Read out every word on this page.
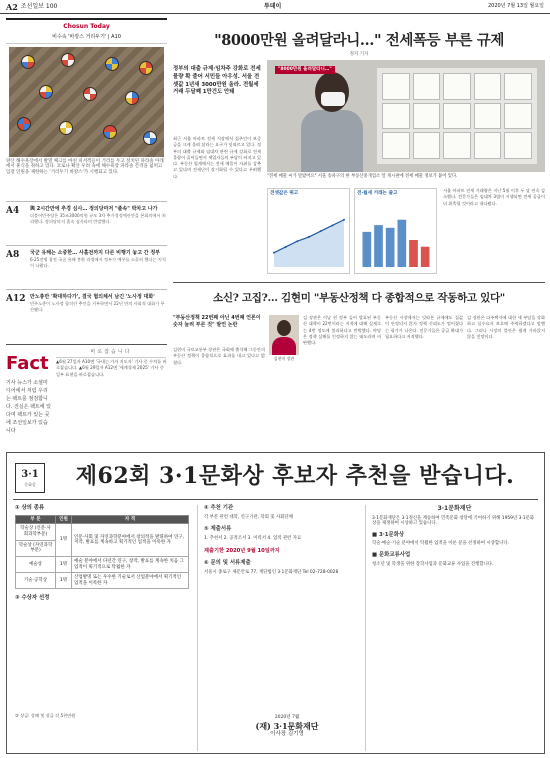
A2 조선일보 100	투데이	2020년 7월 13일 월요일
Chosun Today
비수속 '바캉스 거리두기' | A10
양산 해수욕장에서 발열 체크를 마친 피서객들이 거리를 두고 설치된 파라솔 아래에서 휴식을 취하고 있다. 코로나 확산 우려 속에 해수욕장 파라솔 간격을 넓히고 입장 인원을 제한하는 '거리두기 바캉스'가 시행되고 있다.
A4	與 2시간만에 추경 심사… 정의당마저 "졸속" 박차고 나가
더불어민주당은 35조3000억원 규모 3차 추가경정예산안을 본회의에서 처리했다. 정의당마저 졸속 심사라며 반발했다.
A8	국군 유해는 소중한… 사흘전까지 다른 비행기 놓고 간 정부
6·25전쟁 참전 국군 유해 봉환 과정에서 정부가 예우를 소홀히 했다는 지적이 나왔다.
A12 만노총만 '확대하다가', 결국 협의체서 남긴 '노사정 대화'
민주노총이 노사정 합의안 추인을 거부하면서 22년 만의 사회적 대화가 무산됐다.
Fact
바로잡습니다
기사 뉴스가 소셜미디어에서 처럼 우리는 팩트를 점검합니다. 진실은 팩트에 있다며 팩트가 있는 곳에 조선일보가 있습니다
▲6월 27일자 A10면 '국내는 가자 지도자' 기사 중 수치를 바로잡습니다. ▲6월 29일자 A12면 '세계경제 2025' 기사 중 일부 표현을 바로잡습니다.
"8000만원 올려달라니…" 전세폭등 부른 규제
정지 기자
정부의 대출 규제·임차주 강화로 전세물량 확 줄어 서민들 아우성. 서울 전셋값 1년새 3000만원 올라. 전월세 거래 두달째 1만건도 안돼
최근 서울 아파트 전세 시장에서 집주인이 보증금을 크게 올려 달라는 요구가 잇따르고 있다. 정부의 대출 규제와 임대차 관련 규제 강화로 전세 물량이 줄어들면서 세입자들의 부담이 커지고 있다. 부동산 업계에서는 전세 매물이 자취를 감추고 있다며 전세난이 장기화될 수 있다고 우려했다.
"8000만원 올려달라니…"
"전세 매물 씨가 말랐어요" 서울 송파구의 한 부동산중개업소 앞 게시판에 전세 매물 정보가 붙어 있다.
전셋값은 뛰고	전·월세 거래는 줄고
서울 아파트 전세 거래량은 지난 5월 이후 두 달 연속 감소했다. 전문가들은 임대차 3법이 시행되면 전세 공급이 더 위축될 것이라고 내다봤다.
소신? 고집?… 김현미 "부동산정책 다 종합적으로 작동하고 있다"
"부동산정책 22번째 아닌 4번째 언론이 숫자 늘려 부른 것" 발언 논란
김현미 국토교통부 장관은 국회에 출석해 그동안의 부동산 정책이 종합적으로 효과를 내고 있다고 밝혔다.
김현미 장관
김 장관은 이날 현 정부 들어 발표된 부동산 대책이 22번이라는 지적에 대해 실제로는 4번 정도에 불과하다고 반박했다. 야당은 정책 실패를 인정하지 않는 태도라며 비판했다.
부동산 시장에서는 잇따른 규제에도 집값이 안정되지 않자 정책 신뢰도가 떨어졌다는 평가가 나온다. 전문가들은 공급 확대가 필요하다고 지적했다.
김 장관은 다주택자에 대한 세 부담을 강화하고 실수요자 보호에 주력하겠다고 말했다. 그러나 시장의 불안은 쉽게 가라앉지 않을 전망이다.
3·1
문화상	제62회 3·1문화상 후보자 추천을 받습니다.
① 상의 종류
부 문	인원	자 격
학술상 (인문·사회과학부문)	1명	인문·사회 및 자연과학분야에서 창의적을 발휘하여 연구, 저작, 발표를 계속하고 획기적인 업적을 이룩한 자
학술상 (자연과학부문)		
예술상	1명	예술 분야에서 다년간 연구, 창작, 발표를 계속한 치음 그 업적이 획기적으로 탁월한 자
기술·공학상	1명	산업발명 또는 우수한 기술로서 산업분야에서 획기적인 업적을 이룩한 자
② 수상자 선정
③ 상금: 상패 및 상금 각 5천만원
④ 추천 기관
각 부문 관련 대학, 연구기관, 학회 및 사회단체
⑤ 제출서류
1. 추천서 2. 공적조서 3. 이력서 4. 업적 관련 자료
제출기한 2020년 9월 10일까지
⑥ 문의 및 서류제출
서울시 종로구 새문안로 77, 재단법인 3·1문화재단 Tel 02-728-0028
3·1문화재단
3·1문화재단은 3·1정신을 계승하여 민족문화 창달에 기여하기 위해 1959년 3·1문화상을 제정하여 시상하고 있습니다.
■ 3·1문화상
학술·예술·기술 분야에서 탁월한 업적을 이룬 분을 선정하여 시상합니다.
■ 문화교류사업
청소년 및 학생을 위한 장학사업과 문화교류 사업을 진행합니다.
2020년 7월
(재) 3·1문화재단
이사장 김기영
